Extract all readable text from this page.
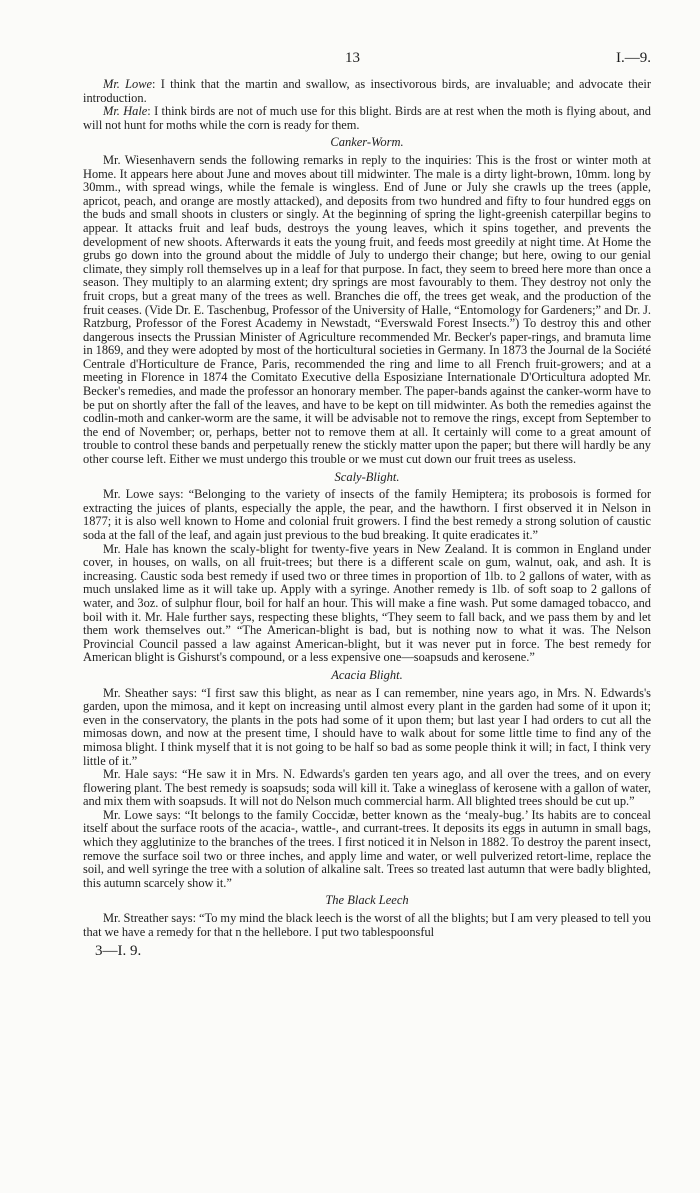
13	I.—9.

Mr. Lowe: I think that the martin and swallow, as insectivorous birds, are invaluable; and advocate their introduction.

Mr. Hale: I think birds are not of much use for this blight. Birds are at rest when the moth is flying about, and will not hunt for moths while the corn is ready for them.

Canker-Worm.

Mr. Wiesenhavern sends the following remarks in reply to the inquiries: This is the frost or winter moth at Home. It appears here about June and moves about till midwinter. The male is a dirty light-brown, 10mm. long by 30mm., with spread wings, while the female is wingless. End of June or July she crawls up the trees (apple, apricot, peach, and orange are mostly attacked), and deposits from two hundred and fifty to four hundred eggs on the buds and small shoots in clusters or singly. At the beginning of spring the light-greenish caterpillar begins to appear. It attacks fruit and leaf buds, destroys the young leaves, which it spins together, and prevents the development of new shoots. Afterwards it eats the young fruit, and feeds most greedily at night time. At Home the grubs go down into the ground about the middle of July to undergo their change; but here, owing to our genial climate, they simply roll themselves up in a leaf for that purpose. In fact, they seem to breed here more than once a season. They multiply to an alarming extent; dry springs are most favourably to them. They destroy not only the fruit crops, but a great many of the trees as well. Branches die off, the trees get weak, and the production of the fruit ceases. (Vide Dr. E. Taschenbug, Professor of the University of Halle, “Entomology for Gardeners;” and Dr. J. Ratzburg, Professor of the Forest Academy in Newstadt, “Everswald Forest Insects.”) To destroy this and other dangerous insects the Prussian Minister of Agriculture recommended Mr. Becker's paper-rings, and bramuta lime in 1869, and they were adopted by most of the horticultural societies in Germany. In 1873 the Journal de la Société Centrale d'Horticulture de France, Paris, recommended the ring and lime to all French fruit-growers; and at a meeting in Florence in 1874 the Comitato Executive della Esposiziane Internationale D'Orticultura adopted Mr. Becker's remedies, and made the professor an honorary member. The paper-bands against the canker-worm have to be put on shortly after the fall of the leaves, and have to be kept on till midwinter. As both the remedies against the codlin-moth and canker-worm are the same, it will be advisable not to remove the rings, except from September to the end of November; or, perhaps, better not to remove them at all. It certainly will come to a great amount of trouble to control these bands and perpetually renew the stickly matter upon the paper; but there will hardly be any other course left. Either we must undergo this trouble or we must cut down our fruit trees as useless.

Scaly-Blight.

Mr. Lowe says: “Belonging to the variety of insects of the family Hemiptera; its probosois is formed for extracting the juices of plants, especially the apple, the pear, and the hawthorn. I first observed it in Nelson in 1877; it is also well known to Home and colonial fruit growers. I find the best remedy a strong solution of caustic soda at the fall of the leaf, and again just previous to the bud breaking. It quite eradicates it.”

Mr. Hale has known the scaly-blight for twenty-five years in New Zealand. It is common in England under cover, in houses, on walls, on all fruit-trees; but there is a different scale on gum, walnut, oak, and ash. It is increasing. Caustic soda best remedy if used two or three times in proportion of 1lb. to 2 gallons of water, with as much unslaked lime as it will take up. Apply with a syringe. Another remedy is 1lb. of soft soap to 2 gallons of water, and 3oz. of sulphur flour, boil for half an hour. This will make a fine wash. Put some damaged tobacco, and boil with it. Mr. Hale further says, respecting these blights, “They seem to fall back, and we pass them by and let them work themselves out.” “The American-blight is bad, but is nothing now to what it was. The Nelson Provincial Council passed a law against American-blight, but it was never put in force. The best remedy for American blight is Gishurst's compound, or a less expensive one—soapsuds and kerosene.”

Acacia Blight.

Mr. Sheather says: “I first saw this blight, as near as I can remember, nine years ago, in Mrs. N. Edwards's garden, upon the mimosa, and it kept on increasing until almost every plant in the garden had some of it upon it; even in the conservatory, the plants in the pots had some of it upon them; but last year I had orders to cut all the mimosas down, and now at the present time, I should have to walk about for some little time to find any of the mimosa blight. I think myself that it is not going to be half so bad as some people think it will; in fact, I think very little of it.”

Mr. Hale says: “He saw it in Mrs. N. Edwards's garden ten years ago, and all over the trees, and on every flowering plant. The best remedy is soapsuds; soda will kill it. Take a wineglass of kerosene with a gallon of water, and mix them with soapsuds. It will not do Nelson much commercial harm. All blighted trees should be cut up.”

Mr. Lowe says: “It belongs to the family Coccidæ, better known as the ‘mealy-bug.’ Its habits are to conceal itself about the surface roots of the acacia-, wattle-, and currant-trees. It deposits its eggs in autumn in small bags, which they agglutinize to the branches of the trees. I first noticed it in Nelson in 1882. To destroy the parent insect, remove the surface soil two or three inches, and apply lime and water, or well pulverized retort-lime, replace the soil, and well syringe the tree with a solution of alkaline salt. Trees so treated last autumn that were badly blighted, this autumn scarcely show it.”

The Black Leech

Mr. Streather says: “To my mind the black leech is the worst of all the blights; but I am very pleased to tell you that we have a remedy for that n the hellebore. I put two tablespoonsful

3—I. 9.
